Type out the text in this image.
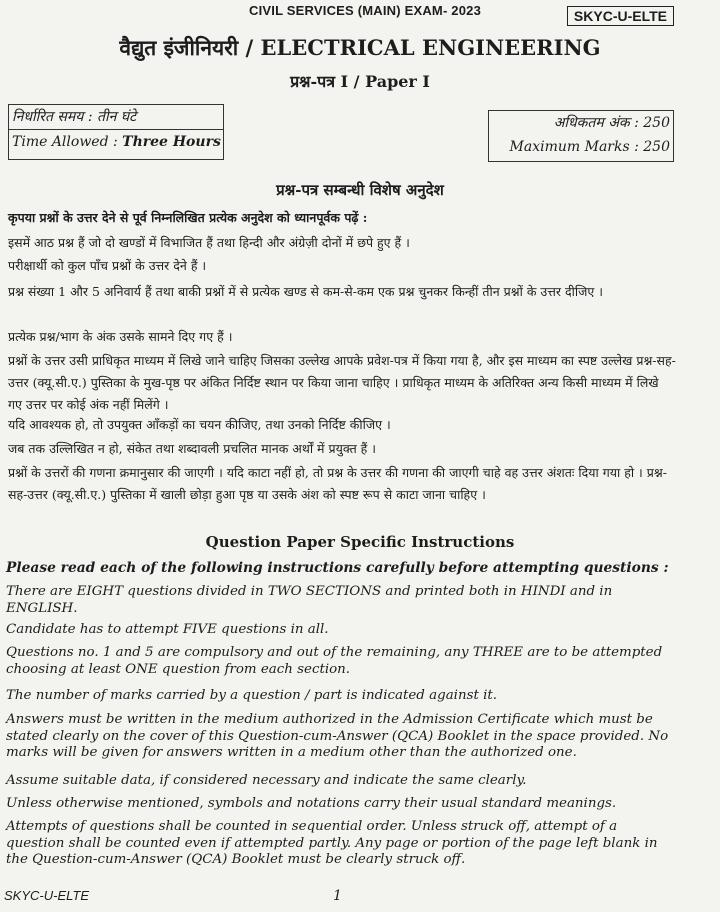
CIVIL SERVICES (MAIN) EXAM- 2023	SKYC-U-ELTE
वैद्युत इंजीनियरी / ELECTRICAL ENGINEERING
प्रश्न-पत्र I / Paper I
निर्धारित समय : तीन घंटे
Time Allowed : Three Hours
अधिकतम अंक : 250
Maximum Marks : 250
प्रश्न-पत्र सम्बन्धी विशेष अनुदेश
कृपया प्रश्नों के उत्तर देने से पूर्व निम्नलिखित प्रत्येक अनुदेश को ध्यानपूर्वक पढ़ें :
इसमें आठ प्रश्न हैं जो दो खण्डों में विभाजित हैं तथा हिन्दी और अंग्रेज़ी दोनों में छपे हुए हैं ।
परीक्षार्थी को कुल पाँच प्रश्नों के उत्तर देने हैं ।
प्रश्न संख्या 1 और 5 अनिवार्य हैं तथा बाकी प्रश्नों में से प्रत्येक खण्ड से कम-से-कम एक प्रश्न चुनकर किन्हीं तीन प्रश्नों के उत्तर दीजिए ।
प्रत्येक प्रश्न/भाग के अंक उसके सामने दिए गए हैं ।
प्रश्नों के उत्तर उसी प्राधिकृत माध्यम में लिखे जाने चाहिए जिसका उल्लेख आपके प्रवेश-पत्र में किया गया है, और इस माध्यम का स्पष्ट उल्लेख प्रश्न-सह-उत्तर (क्यू.सी.ए.) पुस्तिका के मुख-पृष्ठ पर अंकित निर्दिष्ट स्थान पर किया जाना चाहिए । प्राधिकृत माध्यम के अतिरिक्त अन्य किसी माध्यम में लिखे गए उत्तर पर कोई अंक नहीं मिलेंगे ।
यदि आवश्यक हो, तो उपयुक्त आँकड़ों का चयन कीजिए, तथा उनको निर्दिष्ट कीजिए ।
जब तक उल्लिखित न हो, संकेत तथा शब्दावली प्रचलित मानक अर्थों में प्रयुक्त हैं ।
प्रश्नों के उत्तरों की गणना क्रमानुसार की जाएगी । यदि काटा नहीं हो, तो प्रश्न के उत्तर की गणना की जाएगी चाहे वह उत्तर अंशतः दिया गया हो । प्रश्न-सह-उत्तर (क्यू.सी.ए.) पुस्तिका में खाली छोड़ा हुआ पृष्ठ या उसके अंश को स्पष्ट रूप से काटा जाना चाहिए ।
Question Paper Specific Instructions
Please read each of the following instructions carefully before attempting questions :
There are EIGHT questions divided in TWO SECTIONS and printed both in HINDI and in ENGLISH.
Candidate has to attempt FIVE questions in all.
Questions no. 1 and 5 are compulsory and out of the remaining, any THREE are to be attempted choosing at least ONE question from each section.
The number of marks carried by a question / part is indicated against it.
Answers must be written in the medium authorized in the Admission Certificate which must be stated clearly on the cover of this Question-cum-Answer (QCA) Booklet in the space provided. No marks will be given for answers written in a medium other than the authorized one.
Assume suitable data, if considered necessary and indicate the same clearly.
Unless otherwise mentioned, symbols and notations carry their usual standard meanings.
Attempts of questions shall be counted in sequential order. Unless struck off, attempt of a question shall be counted even if attempted partly. Any page or portion of the page left blank in the Question-cum-Answer (QCA) Booklet must be clearly struck off.
SKYC-U-ELTE	1
